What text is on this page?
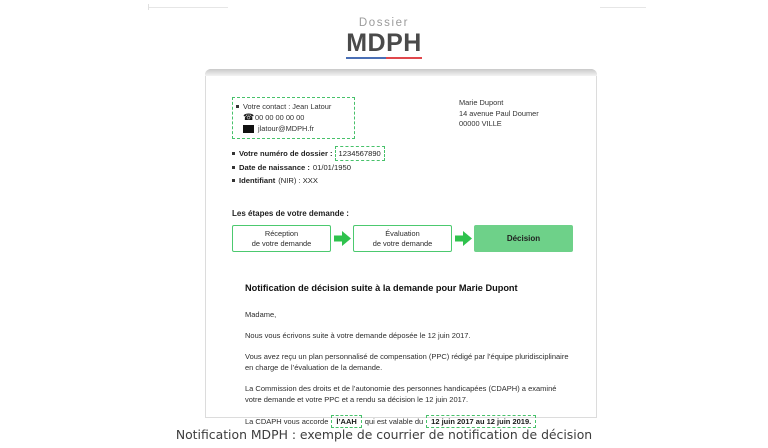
Dossier
MDPH
Votre contact : Jean Latour
☎ 00 00 00 00 00
jlatour@MDPH.fr
Marie Dupont
14 avenue Paul Doumer
00000 VILLE
Votre numéro de dossier : 1234567890
Date de naissance : 01/01/1950
Identifiant (NIR) : XXX
Les étapes de votre demande :
Réception
de votre demande
Évaluation
de votre demande
Décision
Notification de décision suite à la demande pour Marie Dupont

Madame,

Nous vous écrivons suite à votre demande déposée le 12 juin 2017.

Vous avez reçu un plan personnalisé de compensation (PPC) rédigé par l’équipe pluridisciplinaire en charge de l’évaluation de la demande.

La Commission des droits et de l’autonomie des personnes handicapées (CDAPH) a examiné votre demande et votre PPC et a rendu sa décision le 12 juin 2017.

La CDAPH vous accorde	l’AAH	qui est valable du	12 juin 2017 au 12 juin 2019.

Notification MDPH : exemple de courrier de notification de décision
